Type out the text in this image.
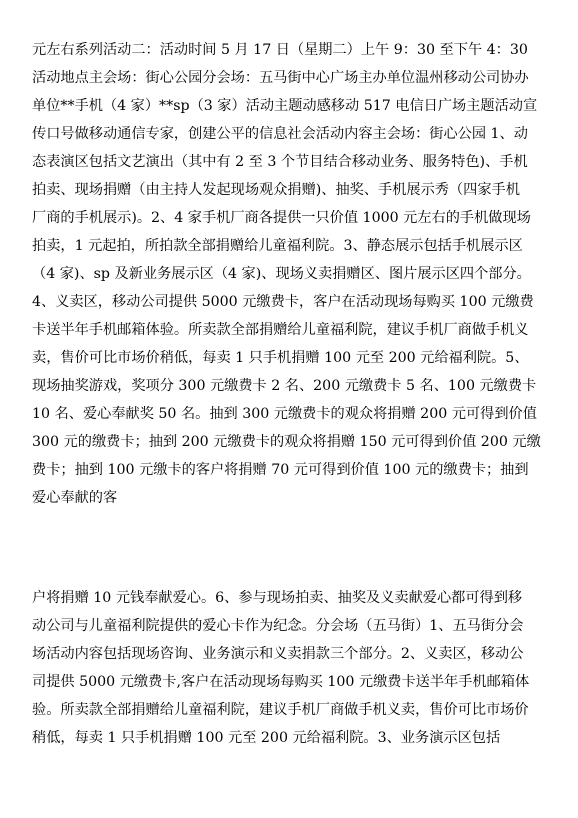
元左右系列活动二：活动时间 5 月 17 日（星期二）上午 9：30 至下午 4：30
活动地点主会场：街心公园分会场：五马街中心广场主办单位温州移动公司协办
单位**手机（4 家）**sp（3 家）活动主题动感移动 517 电信日广场主题活动宣
传口号做移动通信专家，创建公平的信息社会活动内容主会场：街心公园 1、动
态表演区包括文艺演出（其中有 2 至 3 个节目结合移动业务、服务特色)、手机
拍卖、现场捐赠（由主持人发起现场观众捐赠)、抽奖、手机展示秀（四家手机
厂商的手机展示)。2、4 家手机厂商各提供一只价值 1000 元左右的手机做现场
拍卖，1 元起拍，所拍款全部捐赠给儿童福利院。3、静态展示包括手机展示区
（4 家)、sp 及新业务展示区（4 家)、现场义卖捐赠区、图片展示区四个部分。
4、义卖区，移动公司提供 5000 元缴费卡，客户在活动现场每购买 100 元缴费
卡送半年手机邮箱体验。所卖款全部捐赠给儿童福利院，建议手机厂商做手机义
卖，售价可比市场价稍低，每卖 1 只手机捐赠 100 元至 200 元给福利院。5、
现场抽奖游戏，奖项分 300 元缴费卡 2 名、200 元缴费卡 5 名、100 元缴费卡
10 名、爱心奉献奖 50 名。抽到 300 元缴费卡的观众将捐赠 200 元可得到价值
300 元的缴费卡；抽到 200 元缴费卡的观众将捐赠 150 元可得到价值 200 元缴
费卡；抽到 100 元缴卡的客户将捐赠 70 元可得到价值 100 元的缴费卡；抽到
爱心奉献的客
户将捐赠 10 元钱奉献爱心。6、参与现场拍卖、抽奖及义卖献爱心都可得到移
动公司与儿童福利院提供的爱心卡作为纪念。分会场（五马街）1、五马街分会
场活动内容包括现场咨询、业务演示和义卖捐款三个部分。2、义卖区，移动公
司提供 5000 元缴费卡,客户在活动现场每购买 100 元缴费卡送半年手机邮箱体
验。所卖款全部捐赠给儿童福利院，建议手机厂商做手机义卖，售价可比市场价
稍低，每卖 1 只手机捐赠 100 元至 200 元给福利院。3、业务演示区包括
